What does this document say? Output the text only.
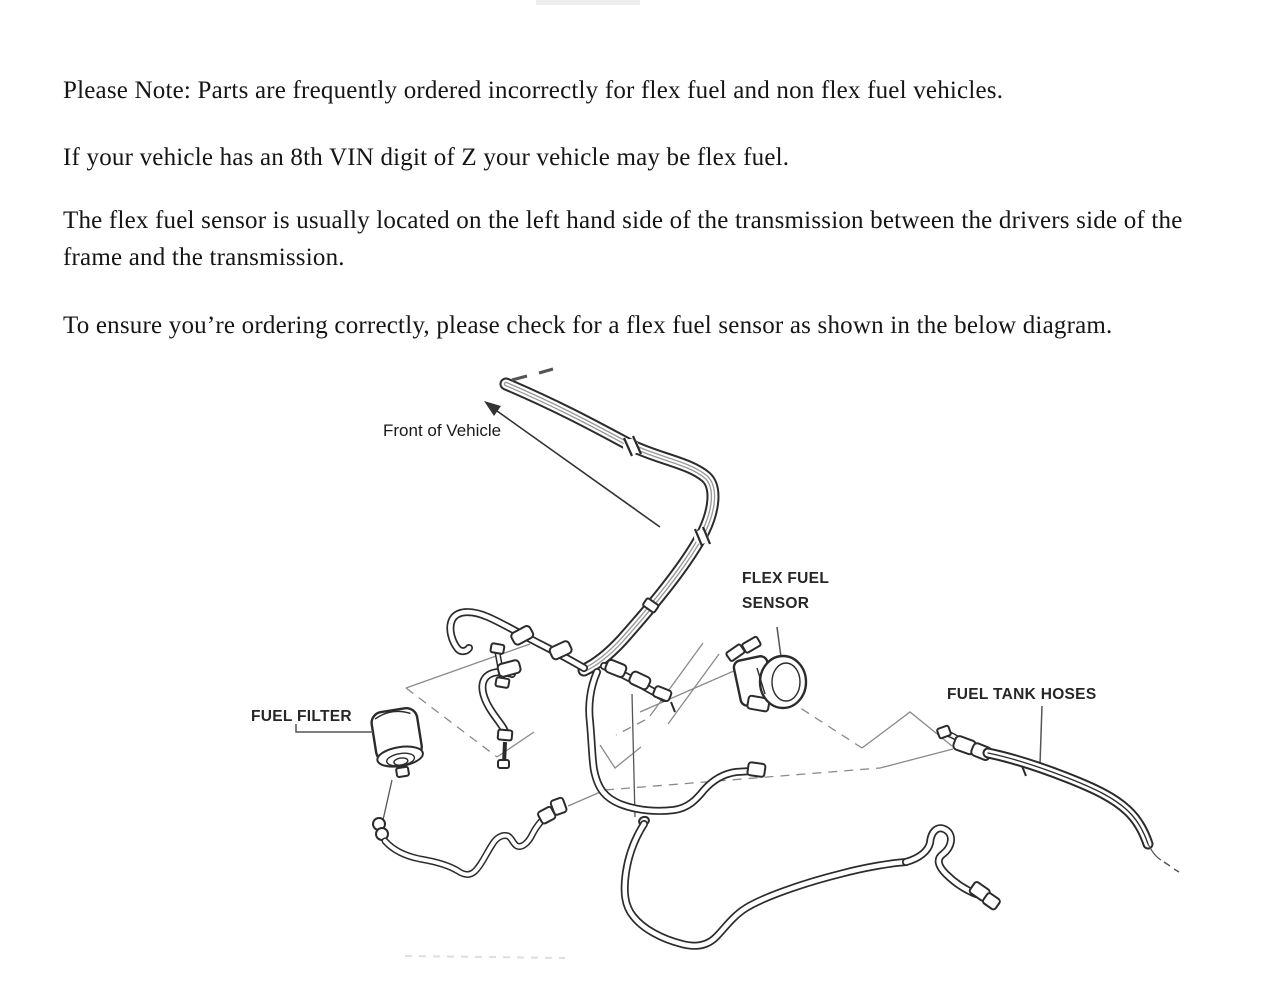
Please Note: Parts are frequently ordered incorrectly for flex fuel and non flex fuel vehicles.

If your vehicle has an 8th VIN digit of Z your vehicle may be flex fuel.

The flex fuel sensor is usually located on the left hand side of the transmission between the drivers side of the frame and the transmission.

To ensure you’re ordering correctly, please check for a flex fuel sensor as shown in the below diagram.

Front of Vehicle
FUEL FILTER
FLEX FUEL
SENSOR
FUEL TANK HOSES
